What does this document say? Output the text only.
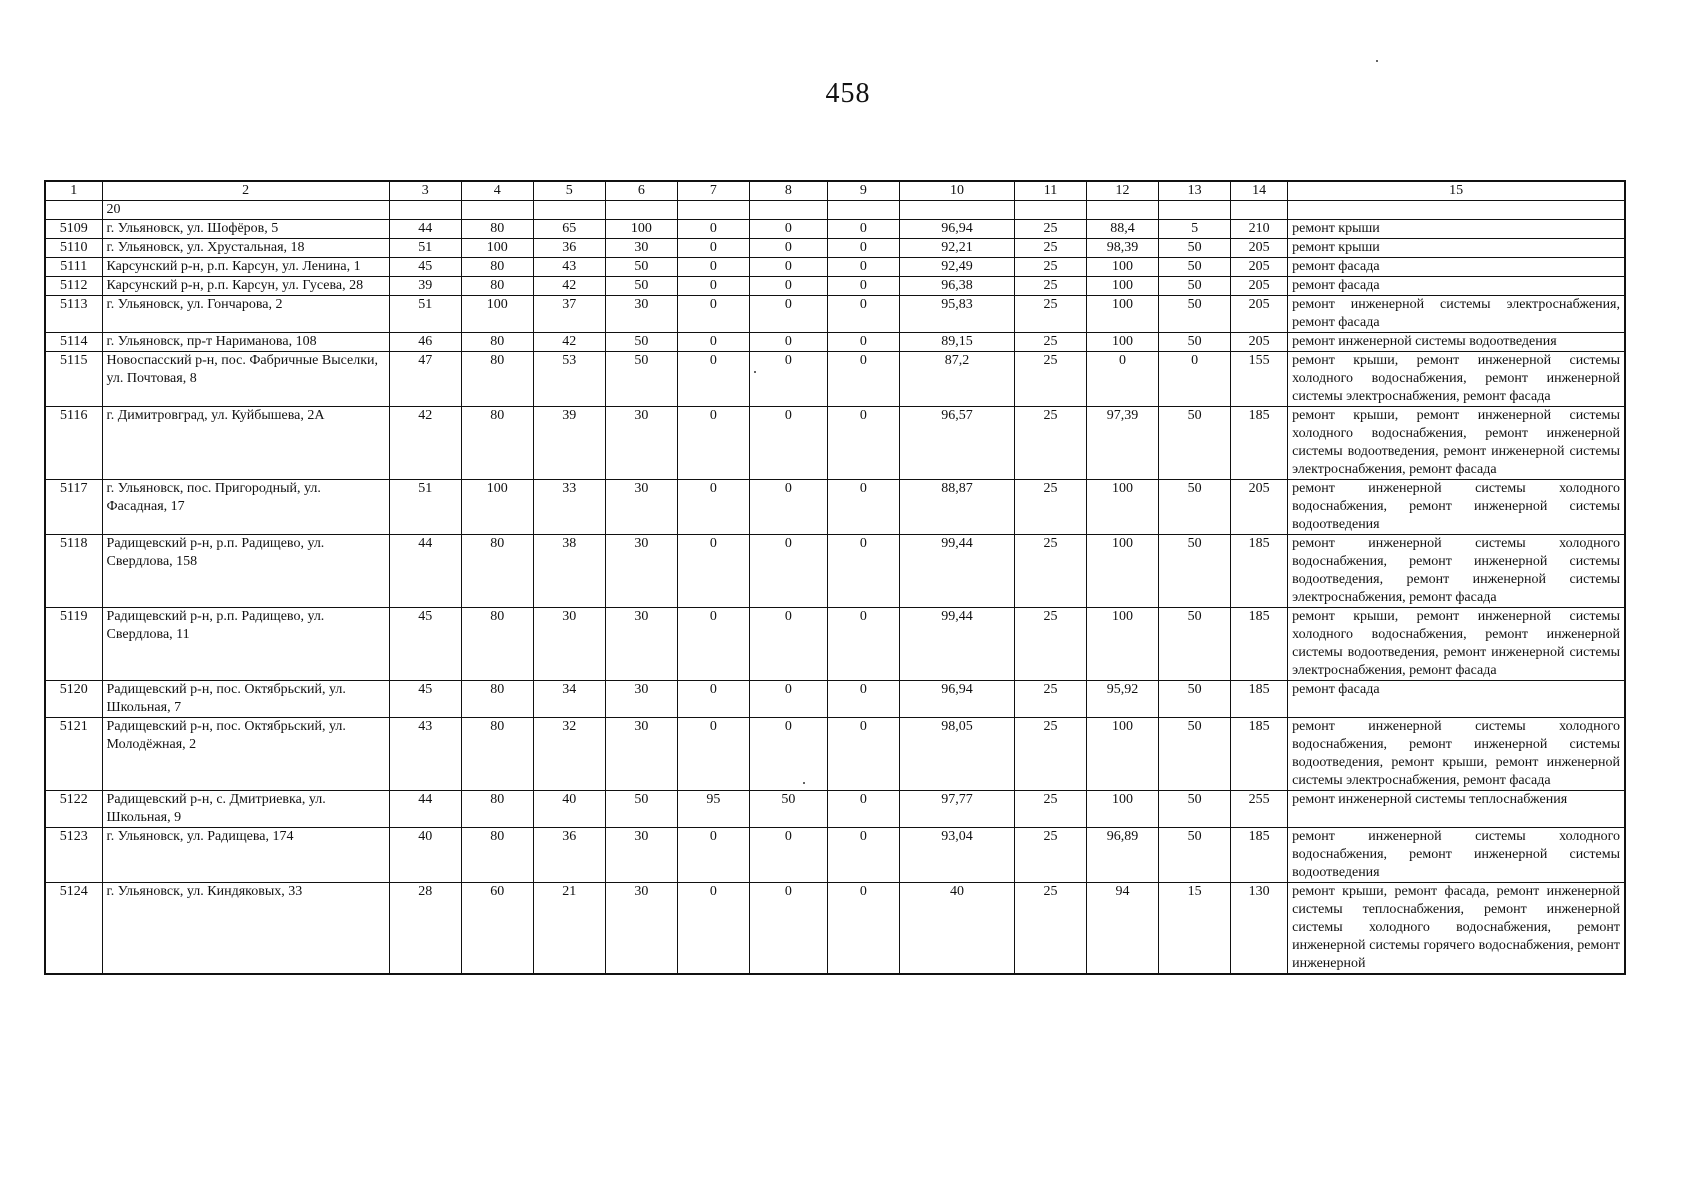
458
1	2	3	4	5	6	7	8	9	10	11	12	13	14	15
	20													
5109	г. Ульяновск, ул. Шофёров, 5	44	80	65	100	0	0	0	96,94	25	88,4	5	210	ремонт крыши
5110	г. Ульяновск, ул. Хрустальная, 18	51	100	36	30	0	0	0	92,21	25	98,39	50	205	ремонт крыши
5111	Карсунский р-н, р.п. Карсун, ул. Ленина, 1	45	80	43	50	0	0	0	92,49	25	100	50	205	ремонт фасада
5112	Карсунский р-н, р.п. Карсун, ул. Гусева, 28	39	80	42	50	0	0	0	96,38	25	100	50	205	ремонт фасада
5113	г. Ульяновск, ул. Гончарова, 2	51	100	37	30	0	0	0	95,83	25	100	50	205	ремонт инженерной системы электроснабжения, ремонт фасада
5114	г. Ульяновск, пр-т Нариманова, 108	46	80	42	50	0	0	0	89,15	25	100	50	205	ремонт инженерной системы водоотведения
5115	Новоспасский р-н, пос. Фабричные Выселки, ул. Почтовая, 8	47	80	53	50	0	0	0	87,2	25	0	0	155	ремонт крыши, ремонт инженерной системы холодного водоснабжения, ремонт инженерной системы электроснабжения, ремонт фасада
5116	г. Димитровград, ул. Куйбышева, 2А	42	80	39	30	0	0	0	96,57	25	97,39	50	185	ремонт крыши, ремонт инженерной системы холодного водоснабжения, ремонт инженерной системы водоотведения, ремонт инженерной системы электроснабжения, ремонт фасада
5117	г. Ульяновск, пос. Пригородный, ул. Фасадная, 17	51	100	33	30	0	0	0	88,87	25	100	50	205	ремонт инженерной системы холодного водоснабжения, ремонт инженерной системы водоотведения
5118	Радищевский р-н, р.п. Радищево, ул. Свердлова, 158	44	80	38	30	0	0	0	99,44	25	100	50	185	ремонт инженерной системы холодного водоснабжения, ремонт инженерной системы водоотведения, ремонт инженерной системы электроснабжения, ремонт фасада
5119	Радищевский р-н, р.п. Радищево, ул. Свердлова, 11	45	80	30	30	0	0	0	99,44	25	100	50	185	ремонт крыши, ремонт инженерной системы холодного водоснабжения, ремонт инженерной системы водоотведения, ремонт инженерной системы электроснабжения, ремонт фасада
5120	Радищевский р-н, пос. Октябрьский, ул. Школьная, 7	45	80	34	30	0	0	0	96,94	25	95,92	50	185	ремонт фасада
5121	Радищевский р-н, пос. Октябрьский, ул. Молодёжная, 2	43	80	32	30	0	0	0	98,05	25	100	50	185	ремонт инженерной системы холодного водоснабжения, ремонт инженерной системы водоотведения, ремонт крыши, ремонт инженерной системы электроснабжения, ремонт фасада
5122	Радищевский р-н, с. Дмитриевка, ул. Школьная, 9	44	80	40	50	95	50	0	97,77	25	100	50	255	ремонт инженерной системы теплоснабжения
5123	г. Ульяновск, ул. Радищева, 174	40	80	36	30	0	0	0	93,04	25	96,89	50	185	ремонт инженерной системы холодного водоснабжения, ремонт инженерной системы водоотведения
5124	г. Ульяновск, ул. Киндяковых, 33	28	60	21	30	0	0	0	40	25	94	15	130	ремонт крыши, ремонт фасада, ремонт инженерной системы теплоснабжения, ремонт инженерной системы холодного водоснабжения, ремонт инженерной системы горячего водоснабжения, ремонт инженерной
